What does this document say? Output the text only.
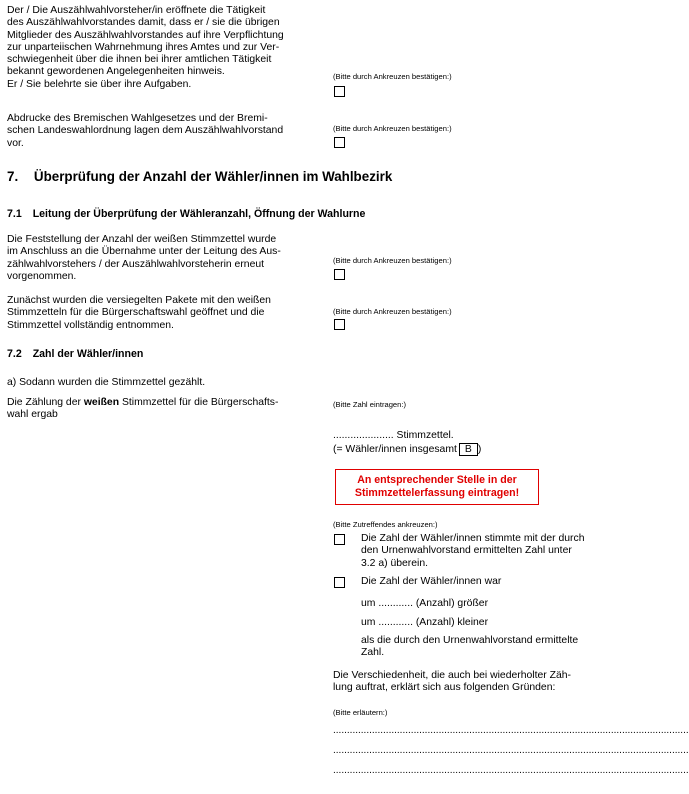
Der / Die Auszählwahlvorsteher/in eröffnete die Tätigkeit
des Auszählwahlvorstandes damit, dass er / sie die übrigen
Mitglieder des Auszählwahlvorstandes auf ihre Verpflichtung
zur unparteiischen Wahrnehmung ihres Amtes und zur Ver-
schwiegenheit über die ihnen bei ihrer amtlichen Tätigkeit
bekannt gewordenen Angelegenheiten hinweis.
Er / Sie belehrte sie über ihre Aufgaben.
(Bitte durch Ankreuzen bestätigen:)
Abdrucke des Bremischen Wahlgesetzes und der Bremi-
schen Landeswahlordnung lagen dem Auszählwahlvorstand
vor.
(Bitte durch Ankreuzen bestätigen:)
7. Überprüfung der Anzahl der Wähler/innen im Wahlbezirk
7.1 Leitung der Überprüfung der Wähleranzahl, Öffnung der Wahlurne
Die Feststellung der Anzahl der weißen Stimmzettel wurde
im Anschluss an die Übernahme unter der Leitung des Aus-
zählwahlvorstehers / der Auszählwahlvorsteherin erneut
vorgenommen.
(Bitte durch Ankreuzen bestätigen:)
Zunächst wurden die versiegelten Pakete mit den weißen
Stimmzetteln für die Bürgerschaftswahl geöffnet und die
Stimmzettel vollständig entnommen.
(Bitte durch Ankreuzen bestätigen:)
7.2 Zahl der Wähler/innen
a) Sodann wurden die Stimmzettel gezählt.
Die Zählung der weißen Stimmzettel für die Bürgerschafts-
wahl ergab
(Bitte Zahl eintragen:)
..................... Stimmzettel.
(= Wähler/innen insgesamt B )
An entsprechender Stelle in der
Stimmzettelerfassung eintragen!
(Bitte Zutreffendes ankreuzen:)
Die Zahl der Wähler/innen stimmte mit der durch
den Urnenwahlvorstand ermittelten Zahl unter
3.2 a) überein.
Die Zahl der Wähler/innen war
um ............ (Anzahl) größer
um ............ (Anzahl) kleiner
als die durch den Urnenwahlvorstand ermittelte
Zahl.
Die Verschiedenheit, die auch bei wiederholter Zäh-
lung auftrat, erklärt sich aus folgenden Gründen:
(Bitte erläutern:)
................................................................................................................................
................................................................................................................................
................................................................................................................................
